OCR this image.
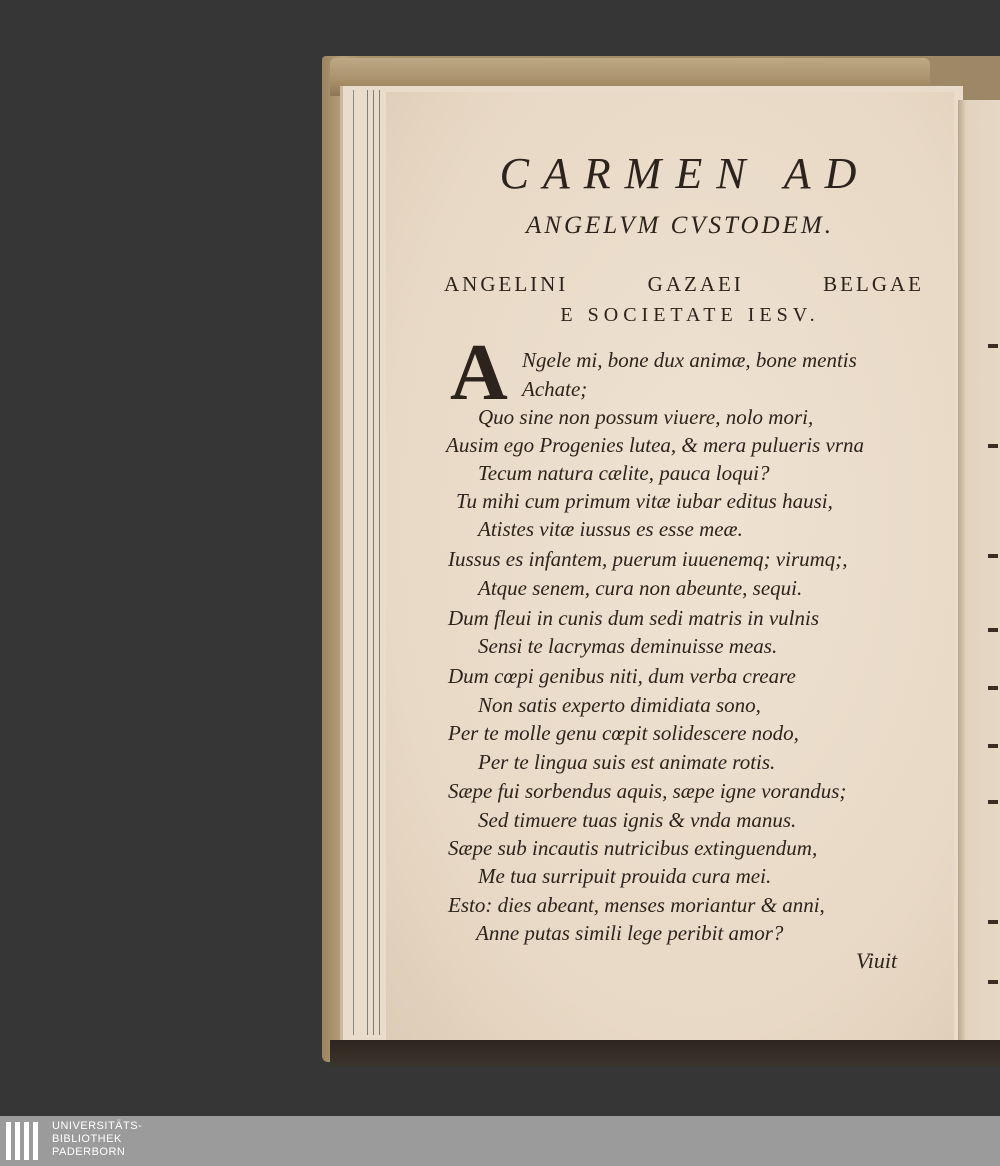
CARMEN AD
ANGELVM CVSTODEM.
ANGELINI	GAZAEI	BELGAE
E SOCIETATE IESV.
A Ngele mi, bone dux animæ, bone mentis
Achate;
Quo sine non possum viuere, nolo mori,
Ausim ego Progenies lutea, & mera pulueris vrna
Tecum natura cælite, pauca loqui?
Tu mihi cum primum vitæ iubar editus hausi,
Atistes vitæ iussus es esse meæ.
Iussus es infantem, puerum iuuenemq; virumq;,
Atque senem, cura non abeunte, sequi.
Dum fleui in cunis dum sedi matris in vulnis
Sensi te lacrymas deminuisse meas.
Dum cœpi genibus niti, dum verba creare
Non satis experto dimidiata sono,
Per te molle genu cœpit solidescere nodo,
Per te lingua suis est animate rotis.
Sæpe fui sorbendus aquis, sæpe igne vorandus;
Sed timuere tuas ignis & vnda manus.
Sæpe sub incautis nutricibus extinguendum,
Me tua surripuit prouida cura mei.
Esto: dies abeant, menses moriantur & anni,
Anne putas simili lege peribit amor?
Viuit
UNIVERSITÄTS-
BIBLIOTHEK
PADERBORN
